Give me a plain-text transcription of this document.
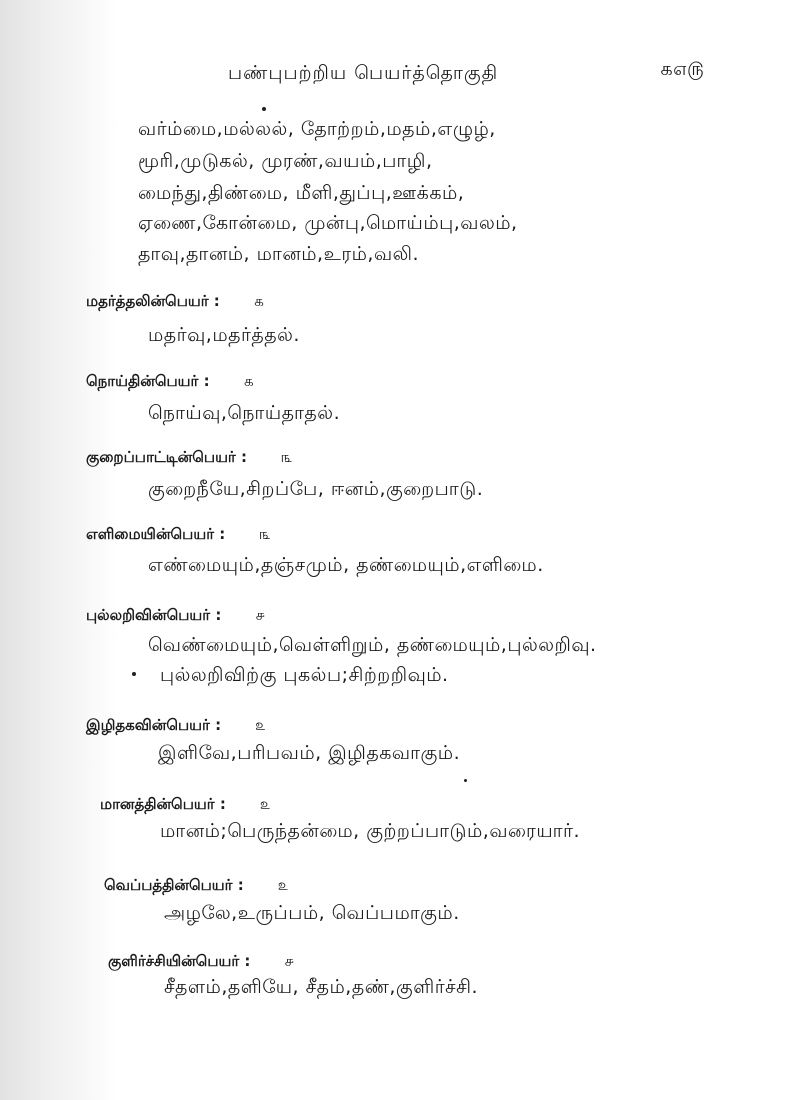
பண்புபற்றிய பெயர்த்தொகுதி	௧௭௫
வர்ம்மை,மல்லல், தோற்றம்,மதம்,எழுழ்,
மூரி,முடுகல், முரண்,வயம்,பாழி,
மைந்து,திண்மை, மீளி,துப்பு,ஊக்கம்,
ஏணை,கோன்மை, முன்பு,மொய்ம்பு,வலம்,
தாவு,தானம், மானம்,உரம்,வலி.
மதர்த்தலின்பெயர் : ௧
மதர்வு,மதர்த்தல்.
நொய்தின்பெயர் : ௧
நொய்வு,நொய்தாதல்.
குறைப்பாட்டின்பெயர் : ௩
குறைநீயே,சிறப்பே, ஈனம்,குறைபாடு.
எளிமையின்பெயர் : ௩
எண்மையும்,தஞ்சமும், தண்மையும்,எளிமை.
புல்லறிவின்பெயர் : ௪
வெண்மையும்,வெள்ளிறும், தண்மையும்,புல்லறிவு.
புல்லறிவிற்கு புகல்ப;சிற்றறிவும்.
இழிதகவின்பெயர் : ௨
இளிவே,பரிபவம், இழிதகவாகும்.
மானத்தின்பெயர் : ௨
மானம்;பெருந்தன்மை, குற்றப்பாடும்,வரையார்.
வெப்பத்தின்பெயர் : ௨
அழலே,உருப்பம், வெப்பமாகும்.
குளிர்ச்சியின்பெயர் : ௪
சீதளம்,தளியே, சீதம்,தண்,குளிர்ச்சி.
